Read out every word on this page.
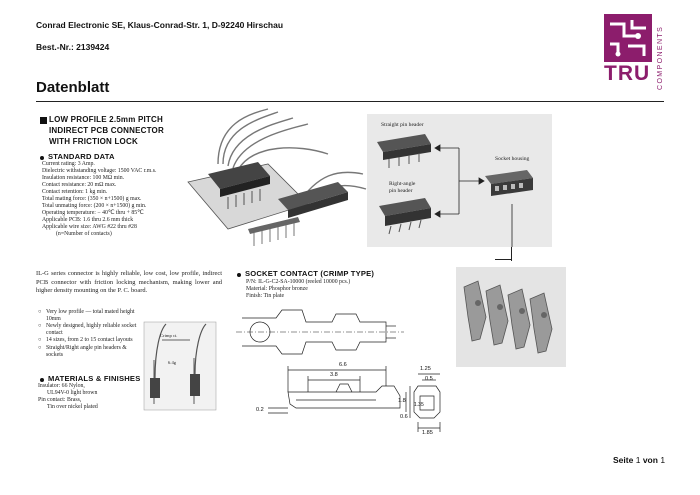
Conrad Electronic SE, Klaus-Conrad-Str. 1, D-92240 Hirschau
Best.-Nr.: 2139424
Datenblatt
TRU COMPONENTS
LOW PROFILE 2.5mm PITCH
INDIRECT PCB CONNECTOR
WITH FRICTION LOCK
STANDARD DATA
Current rating: 3 Amp.
Dielectric withstanding voltage: 1500 VAC r.m.s.
Insulation resistance: 100 MΩ min.
Contact resistance: 20 mΩ max.
Contact retention: 1 kg min.
Total mating force: (350 × n+1500) g max.
Total unmating force: (200 × n+1500) g min.
Operating temperature: − 40℃ thru + 85℃
Applicable PCB: 1.6 thru 2.6 mm thick
Applicable wire size: AWG #22 thru #28
(n=Number of contacts)
Straight pin header
Right-angle
pin header
Socket housing
IL-G series connector is highly reliable, low cost, low profile, indirect PCB connector with friction locking mechanism, making lower and higher density mounting on the P. C. board.
○ Very low profile — total mated height 10mm
○ Newly designed, highly reliable socket contact
○ 14 sizes, from 2 to 15 contact layouts
○ Straight/Right angle pin headers & sockets
Crimp ct.
6.4g
MATERIALS & FINISHES
Insulator: 66 Nylon,
UL94V-0 light brown
Pin contact: Brass,
Tin over nickel plated
SOCKET CONTACT (CRIMP TYPE)
P/N: IL-G-C2-SA-10000 (reeled 10000 pcs.)
Material: Phosphor bronze
Finish: Tin plate
6.6
3.8
1.25
0.5
1.8
1.35
0.6
0.2
1.85
Seite 1 von 1
